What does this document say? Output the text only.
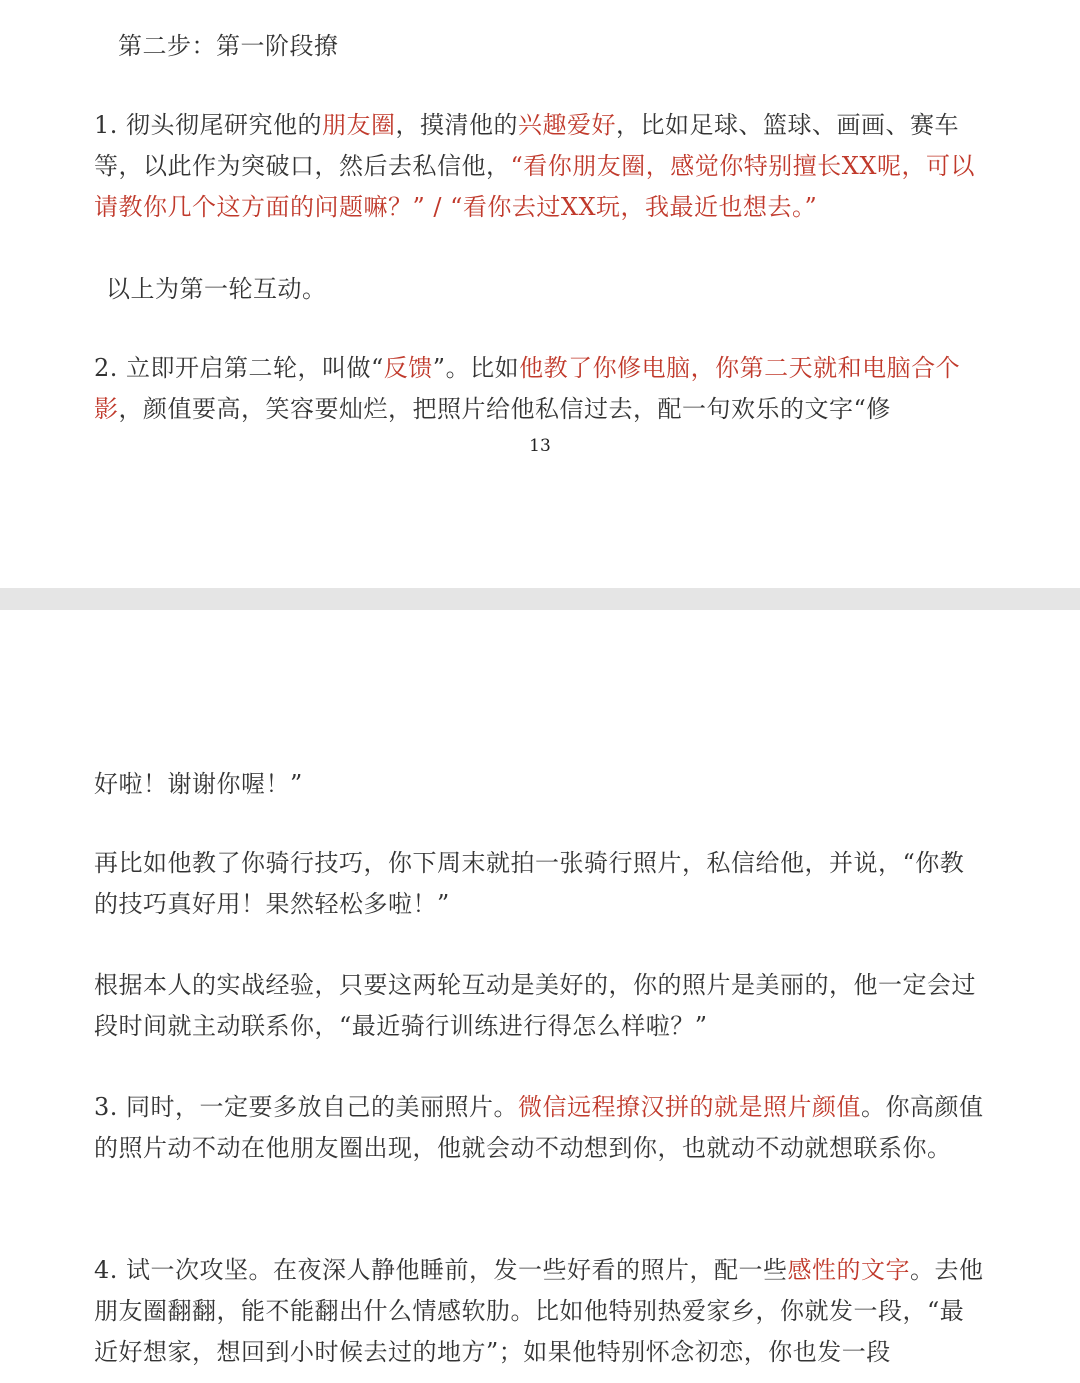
第二步：第一阶段撩
1. 彻头彻尾研究他的朋友圈，摸清他的兴趣爱好，比如足球、篮球、画画、赛车等，以此作为突破口，然后去私信他，“看你朋友圈，感觉你特别擅长XX呢，可以请教你几个这方面的问题嘛？” / “看你去过XX玩，我最近也想去。”
以上为第一轮互动。
2. 立即开启第二轮，叫做“反馈”。比如他教了你修电脑，你第二天就和电脑合个影，颜值要高，笑容要灿烂，把照片给他私信过去，配一句欢乐的文字“修
13
好啦！谢谢你喔！”
再比如他教了你骑行技巧，你下周末就拍一张骑行照片，私信给他，并说，“你教的技巧真好用！果然轻松多啦！”
根据本人的实战经验，只要这两轮互动是美好的，你的照片是美丽的，他一定会过段时间就主动联系你，“最近骑行训练进行得怎么样啦？”
3. 同时，一定要多放自己的美丽照片。微信远程撩汉拼的就是照片颜值。你高颜值的照片动不动在他朋友圈出现，他就会动不动想到你，也就动不动就想联系你。
4. 试一次攻坚。在夜深人静他睡前，发一些好看的照片，配一些感性的文字。去他朋友圈翻翻，能不能翻出什么情感软肋。比如他特别热爱家乡，你就发一段，“最近好想家，想回到小时候去过的地方”；如果他特别怀念初恋，你也发一段
